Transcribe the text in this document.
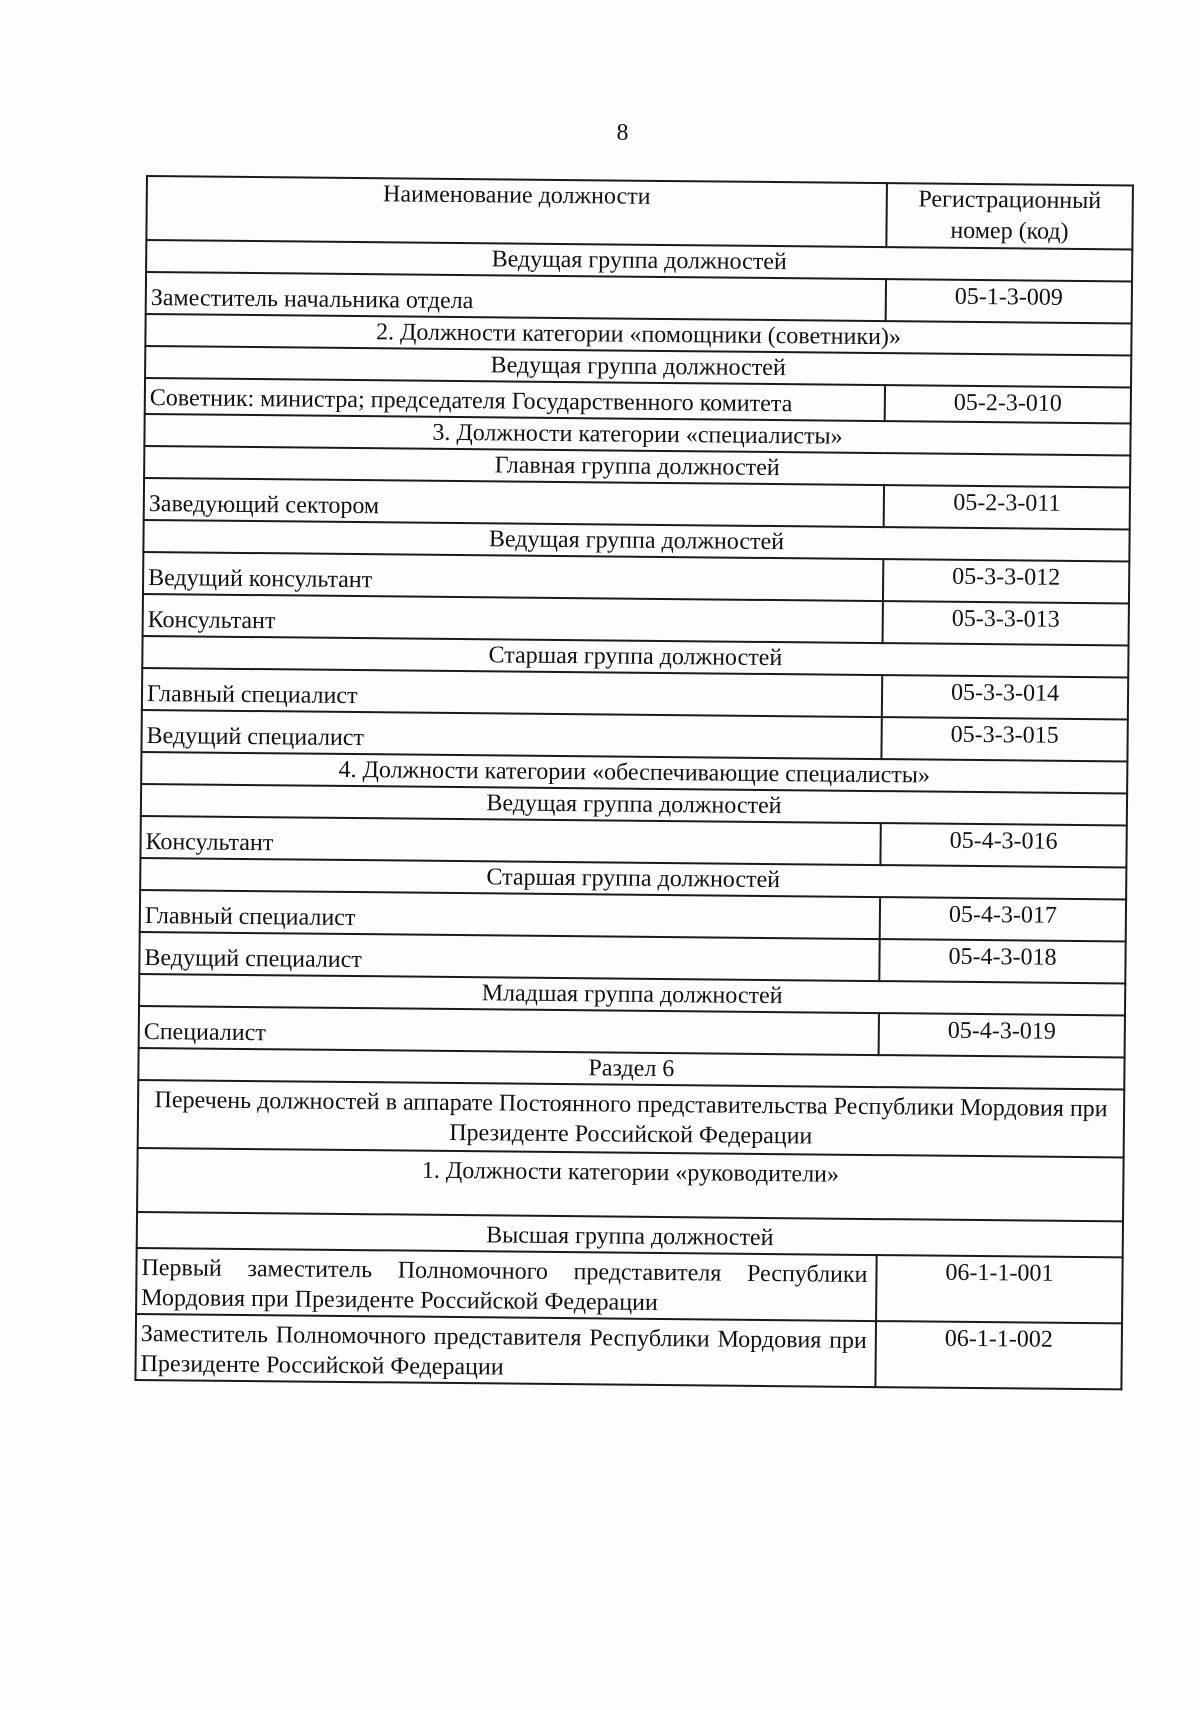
8
Наименование должности	Регистрационный
номер (код)

Ведущая группа должностей	
Заместитель начальника отдела	05-1-3-009
2. Должности категории «помощники (советники)»	
Ведущая группа должностей	
Советник: министра; председателя Государственного комитета	05-2-3-010
3. Должности категории «специалисты»	
Главная группа должностей	
Заведующий сектором	05-2-3-011
Ведущая группа должностей	
Ведущий консультант	05-3-3-012
Консультант	05-3-3-013
Старшая группа должностей	
Главный специалист	05-3-3-014
Ведущий специалист	05-3-3-015
4. Должности категории «обеспечивающие специалисты»	
Ведущая группа должностей	
Консультант	05-4-3-016
Старшая группа должностей	
Главный специалист	05-4-3-017
Ведущий специалист	05-4-3-018
Младшая группа должностей	
Специалист	05-4-3-019
Раздел 6	
Перечень должностей в аппарате Постоянного представительства Республики Мордовия при Президенте Российской Федерации	
1. Должности категории «руководители»	
Высшая группа должностей	
Первый заместитель Полномочного представителя Республики Мордовия при Президенте Российской Федерации	06-1-1-001
Заместитель Полномочного представителя Республики Мордовия при Президенте Российской Федерации	06-1-1-002
